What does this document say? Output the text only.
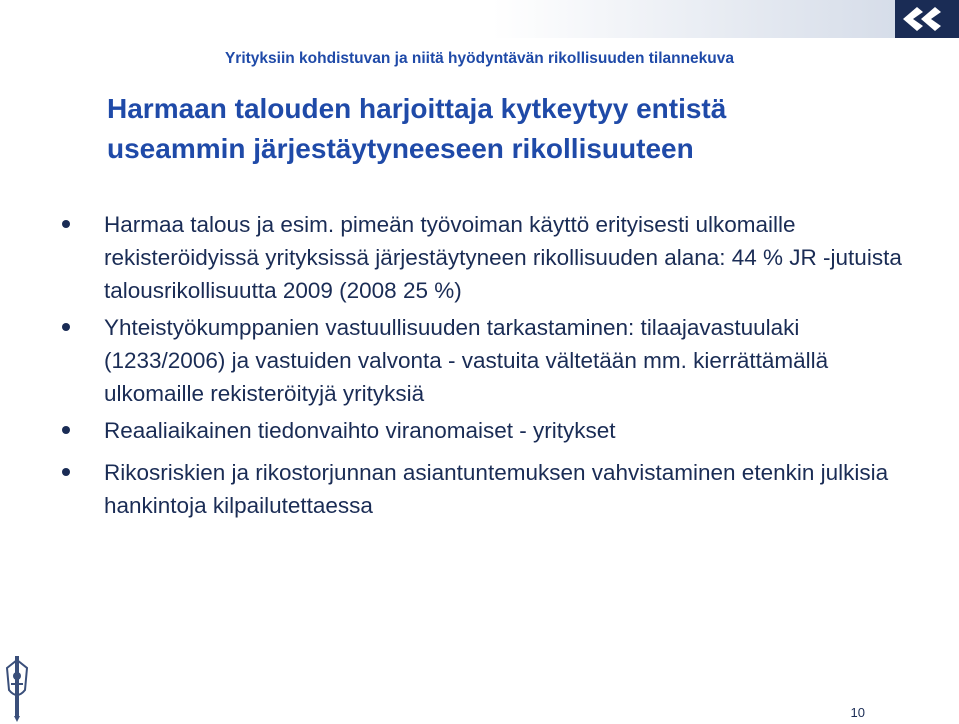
Yrityksiin kohdistuvan ja niitä hyödyntävän rikollisuuden tilannekuva
Harmaan talouden harjoittaja kytkeytyy entistä
useammin järjestäytyneeseen rikollisuuteen
Harmaa talous ja esim. pimeän työvoiman käyttö erityisesti ulkomaille rekisteröidyissä yrityksissä järjestäytyneen rikollisuuden alana: 44 % JR -jutuista talousrikollisuutta 2009 (2008 25 %)
Yhteistyökumppanien vastuullisuuden tarkastaminen: tilaajavastuulaki (1233/2006) ja vastuiden valvonta - vastuita vältetään mm. kierrättämällä ulkomaille rekisteröityjä yrityksiä
Reaaliaikainen tiedonvaihto viranomaiset - yritykset
Rikosriskien ja rikostorjunnan asiantuntemuksen vahvistaminen etenkin julkisia hankintoja kilpailutettaessa
10
